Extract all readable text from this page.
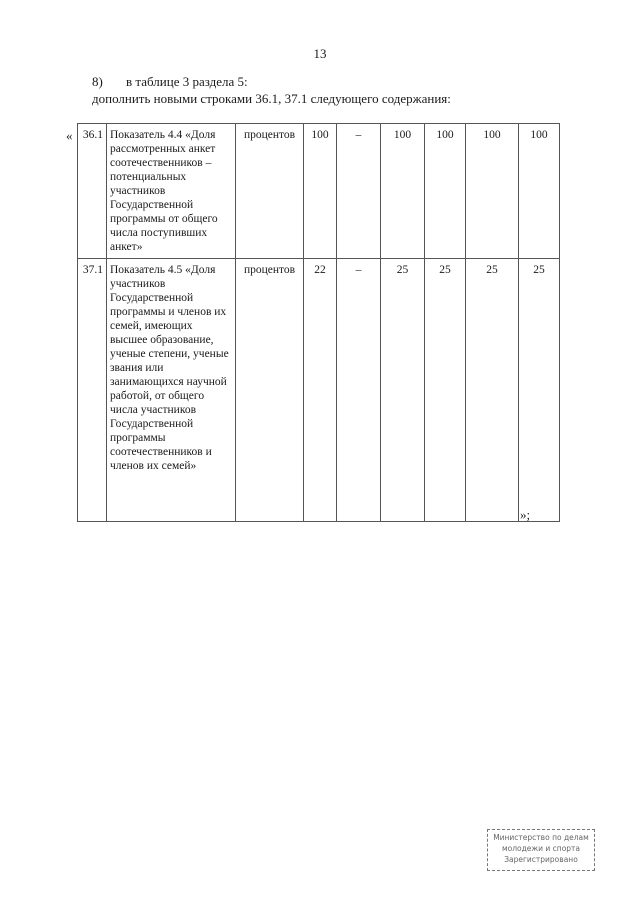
13
8) в таблице 3 раздела 5:
дополнить новыми строками 36.1, 37.1 следующего содержания:
« 36.1	Показатель 4.4 «Доля рассмотренных анкет соотечественников – потенциальных участников Государственной программы от общего числа поступивших анкет»	процентов	100	–	100	100	100	100
37.1	Показатель 4.5 «Доля участников Государственной программы и членов их семей, имеющих высшее образование, ученые степени, ученые звания или занимающихся научной работой, от общего числа участников Государственной программы соотечественников и членов их семей»	процентов	22	–	25	25	25	25
»;
Министерство по делам
молодежи и спорта
Зарегистрировано
